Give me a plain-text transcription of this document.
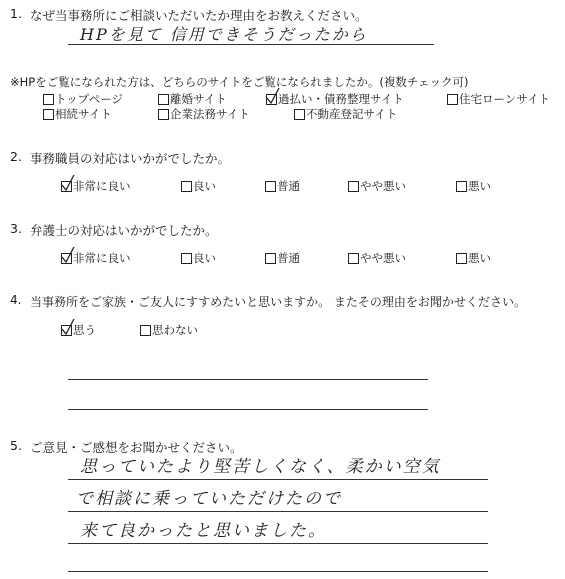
1. なぜ当事務所にご相談いただいたか理由をお教えください。
HPを見て 信用できそうだったから
※HPをご覧になられた方は、どちらのサイトをご覧になられましたか。(複数チェック可)
トップページ	離婚サイト	過払い・債務整理サイト	住宅ローンサイト
相続サイト	企業法務サイト	不動産登記サイト
2. 事務職員の対応はいかがでしたか。
非常に良い	良い	普通	やや悪い	悪い
3. 弁護士の対応はいかがでしたか。
非常に良い	良い	普通	やや悪い	悪い
4. 当事務所をご家族・ご友人にすすめたいと思いますか。 またその理由をお聞かせください。
思う	思わない
5. ご意見・ご感想をお聞かせください。
思っていたより堅苦しくなく、柔かい空気
で相談に乗っていただけたので
来て良かったと思いました。
